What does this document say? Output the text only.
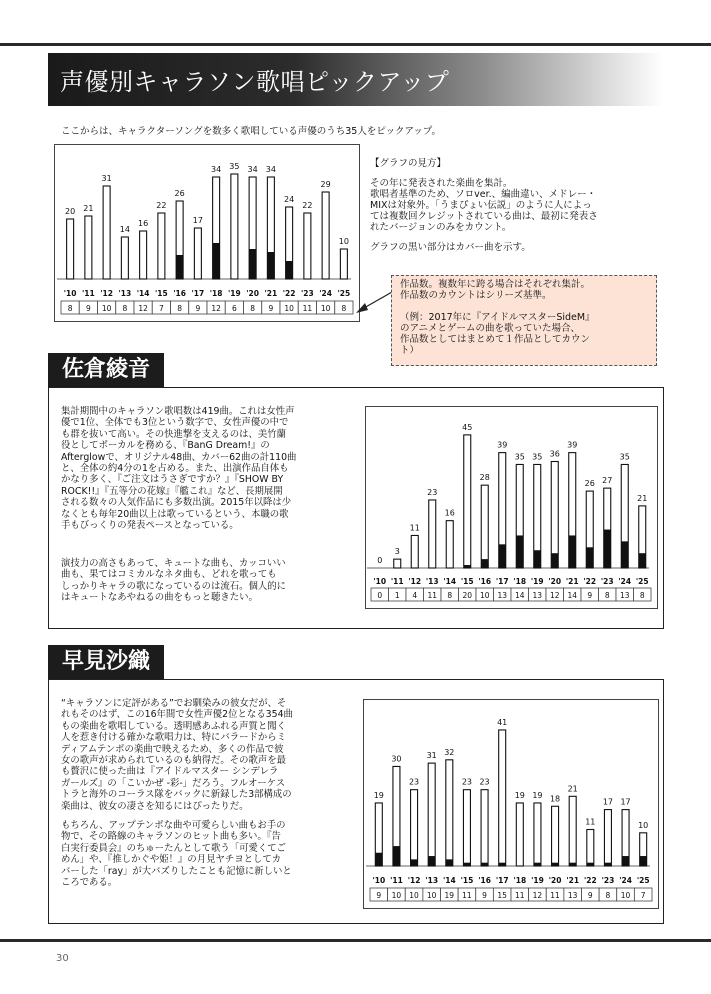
声優別キャラソン歌唱ピックアップ
ここからは、キャラクターソングを数多く歌唱している声優のうち35人をピックアップ。
20
'10
8
21
'11
9
31
'12
10
14
'13
8
16
'14
12
22
'15
7
26
'16
8
17
'17
9
34
'18
12
35
'19
6
34
'20
8
34
'21
9
24
'22
10
22
'23
11
29
'24
10
10
'25
8
【グラフの見方】
その年に発表された楽曲を集計。
歌唱者基準のため、ソロver.、編曲違い、メドレー・
MIXは対象外。「うまぴょい伝説」のように人によっ
ては複数回クレジットされている曲は、最初に発表さ
れたバージョンのみをカウント。
グラフの黒い部分はカバー曲を示す。
作品数。複数年に跨る場合はそれぞれ集計。
作品数のカウントはシリーズ基準。
（例：2017年に『アイドルマスターSideM』
のアニメとゲームの曲を歌っていた場合、
作品数としてはまとめて１作品としてカウン
ト）
佐倉綾音
集計期間中のキャラソン歌唱数は419曲。これは女性声
優で1位、全体でも3位という数字で、女性声優の中で
も群を抜いて高い。その快進撃を支えるのは、美竹蘭
役としてボーカルを務める、『BanG Dream!』の
Afterglowで、オリジナル48曲、カバー62曲の計110曲
と、全体の約4分の1を占める。また、出演作品自体も
かなり多く、『ご注文はうさぎですか？』『SHOW BY
ROCK!!』『五等分の花嫁』『艦これ』など、長期展開
される数々の人気作品にも多数出演。2015年以降は少
なくとも毎年20曲以上は歌っているという、本職の歌
手もびっくりの発表ペースとなっている。
演技力の高さもあって、キュートな曲も、カッコいい
曲も、果てはコミカルなネタ曲も、どれを歌っても
しっかりキャラの歌になっているのは流石。個人的に
はキュートなあやねるの曲をもっと聴きたい。
0
'10
0
3
'11
1
11
'12
4
23
'13
11
16
'14
8
45
'15
20
28
'16
10
39
'17
13
35
'18
14
35
'19
13
36
'20
12
39
'21
14
26
'22
9
27
'23
8
35
'24
13
21
'25
8
早見沙織
“キャラソンに定評がある”でお馴染みの彼女だが、そ
れもそのはず、この16年間で女性声優2位となる354曲
もの楽曲を歌唱している。透明感あふれる声質と聞く
人を惹き付ける確かな歌唱力は、特にバラードからミ
ディアムテンポの楽曲で映えるため、多くの作品で彼
女の歌声が求められているのも納得だ。その歌声を最
も贅沢に使った曲は『アイドルマスター シンデレラ
ガールズ』の「こいかぜ -彩-」だろう。フルオーケス
トラと海外のコーラス隊をバックに新録した3部構成の
楽曲は、彼女の凄さを知るにはぴったりだ。
もちろん、アップテンポな曲や可愛らしい曲もお手の
物で、その路線のキャラソンのヒット曲も多い。『告
白実行委員会』のちゅーたんとして歌う「可愛くてご
めん」や、『推しかぐや姫！』の月見ヤチヨとしてカ
バーした「ray」が大バズりしたことも記憶に新しいと
ころである。
19
'10
9
30
'11
10
23
'12
10
31
'13
10
32
'14
19
23
'15
11
23
'16
9
41
'17
15
19
'18
11
19
'19
12
18
'20
11
21
'21
13
11
'22
9
17
'23
8
17
'24
10
10
'25
7
30
